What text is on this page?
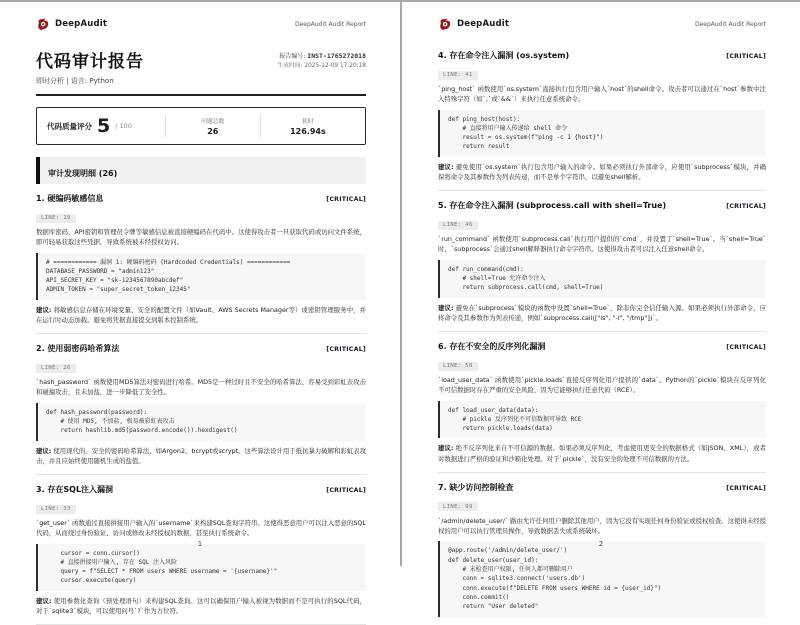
DeepAudit	DeepAudit Audit Report
代码审计报告
即时分析 | 语言: Python
报告编号: INST-1765272018
生成时间: 2025-12-09 17:20:18
代码质量评分 5 / 100	问题总数
26
耗时
126.94s
审计发现明细 (26)
1. 硬编码敏感信息	[CRITICAL]
LINE: 19

数据库密码、API密钥和管理员令牌等敏感信息被直接硬编码在代码中。这使得攻击者一旦获取代码或访问文件系统，即可轻易获取这些凭据，导致系统被未经授权访问。

# ============ 漏洞 1: 硬编码密码 (Hardcoded Credentials) ============
DATABASE_PASSWORD = "admin123"
API_SECRET_KEY = "sk-1234567890abcdef"
ADMIN_TOKEN = "super_secret_token_12345"

建议: 将敏感信息存储在环境变量、安全的配置文件（如Vault、AWS Secrets Manager等）或密钥管理服务中，并在运行时动态加载。避免将凭据直接提交到版本控制系统。

2. 使用弱密码哈希算法	[CRITICAL]
LINE: 26

`hash_password` 函数使用MD5算法对密码进行哈希。MD5是一种过时且不安全的哈希算法，容易受到彩虹表攻击和碰撞攻击，且未加盐，进一步降低了安全性。

def hash_password(password):
# 使用 MD5, 不加盐, 极易被彩虹表攻击
return hashlib.md5(password.encode()).hexdigest()

建议: 使用现代的、安全的密码哈希算法，如Argon2、bcrypt或scrypt。这些算法设计用于抵抗暴力破解和彩虹表攻击，并且应始终使用随机生成的盐值。

3. 存在SQL注入漏洞	[CRITICAL]
LINE: 33

`get_user` 函数通过直接拼接用户输入的`username`来构建SQL查询字符串。这使得恶意用户可以注入恶意的SQL代码，从而绕过身份验证、访问或修改未经授权的数据，甚至执行系统命令。

cursor = conn.cursor()
# 直接拼接用户输入, 存在 SQL 注入风险
query = f"SELECT * FROM users WHERE username = '{username}'"
cursor.execute(query)

建议: 使用参数化查询（预处理语句）来构建SQL查询。这可以确保用户输入被视为数据而不是可执行的SQL代码，对于`sqlite3`模块，可以使用问号`?`作为占位符。

1
DeepAudit	DeepAudit Audit Report
4. 存在命令注入漏洞 (os.system)	[CRITICAL]
LINE: 41

`ping_host` 函数使用`os.system`直接执行包含用户输入`host`的shell命令。攻击者可以通过在`host`参数中注入特殊字符（如`;`或`&&`）来执行任意系统命令。

def ping_host(host):
# 直接将用户输入传递给 shell 命令
result = os.system(f"ping -c 1 {host}")
return result

建议: 避免使用`os.system`执行包含用户输入的命令。如果必须执行外部命令，应使用`subprocess`模块，并确保将命令及其参数作为列表传递，而不是单个字符串，以避免shell解析。

5. 存在命令注入漏洞 (subprocess.call with shell=True)	[CRITICAL]
LINE: 46

`run_command` 函数使用`subprocess.call`执行用户提供的`cmd`，并设置了`shell=True`。当`shell=True`时，`subprocess`会通过shell解释器执行命令字符串。这使得攻击者可以注入任意shell命令。

def run_command(cmd):
# shell=True 允许命令注入
return subprocess.call(cmd, shell=True)

建议: 避免在`subprocess`模块的函数中设置`shell=True`，除非你完全信任输入源。如果必须执行外部命令，应将命令及其参数作为列表传递，例如`subprocess.call(["ls", "-l", "/tmp"])`。

6. 存在不安全的反序列化漏洞	[CRITICAL]
LINE: 58

`load_user_data` 函数使用`pickle.loads`直接反序列化用户提供的`data`。Python的`pickle`模块在反序列化不可信数据时存在严重的安全风险，因为它能够执行任意代码（RCE）。

def load_user_data(data):
# pickle 反序列化不可信数据可导致 RCE
return pickle.loads(data)

建议: 绝不反序列化来自不可信源的数据。如果必须反序列化，考虑使用更安全的数据格式（如JSON、XML），或者对数据进行严格的验证和沙箱化处理。对于`pickle`，没有安全的处理不可信数据的方法。

7. 缺少访问控制检查	[CRITICAL]
LINE: 99

`/admin/delete_user/` 路由允许任何用户删除其他用户，因为它没有实现任何身份验证或授权检查。这使得未经授权的用户可以执行管理员操作，导致数据丢失或系统破坏。

@app.route('/admin/delete_user/')
def delete_user(user_id):
# 未检查用户权限, 任何人都可删除用户
conn = sqlite3.connect('users.db')
conn.execute(f"DELETE FROM users WHERE id = {user_id}")
conn.commit()
return "User deleted"
2
